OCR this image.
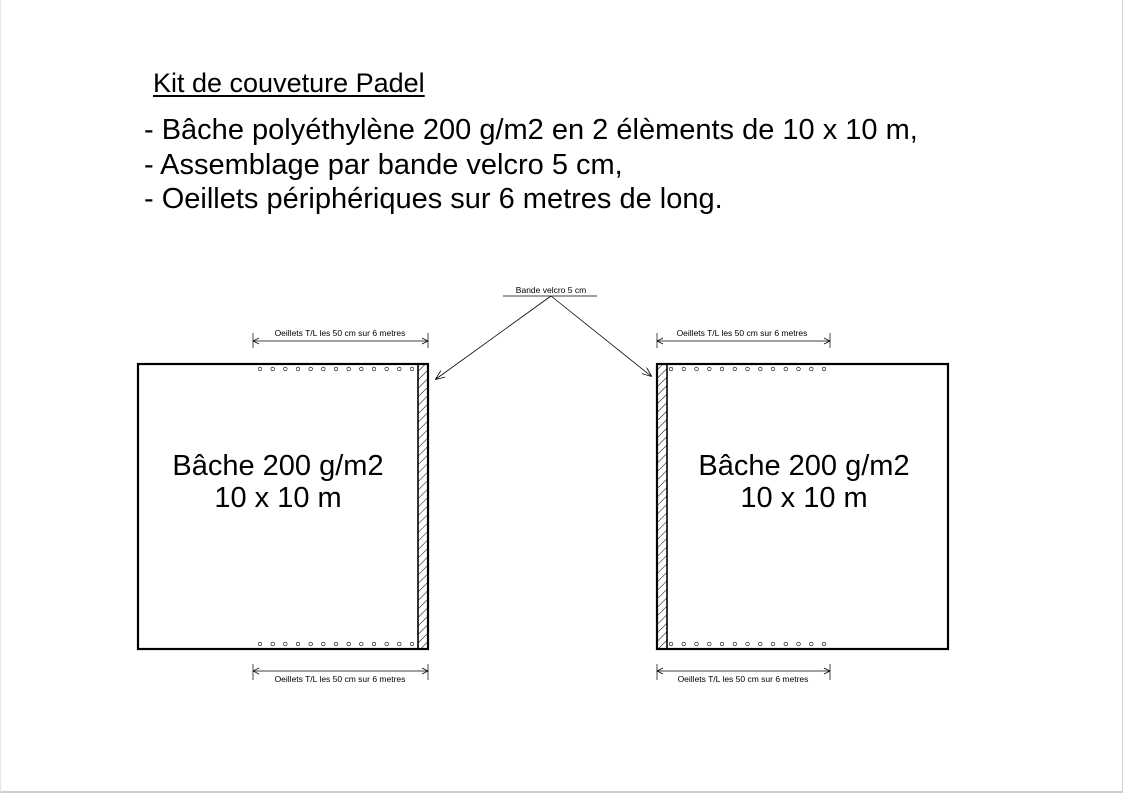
Kit de couveture Padel
- Bâche polyéthylène 200 g/m2 en 2 élèments de 10 x 10 m,
- Assemblage par bande velcro 5 cm,
- Oeillets périphériques sur 6 metres de long.
Bande velcro 5 cm
Bâche 200 g/m2
10 x 10 m
Oeillets T/L les 50 cm sur 6 metres
Oeillets T/L les 50 cm sur 6 metres
Bâche 200 g/m2
10 x 10 m
Oeillets T/L les 50 cm sur 6 metres
Oeillets T/L les 50 cm sur 6 metres
